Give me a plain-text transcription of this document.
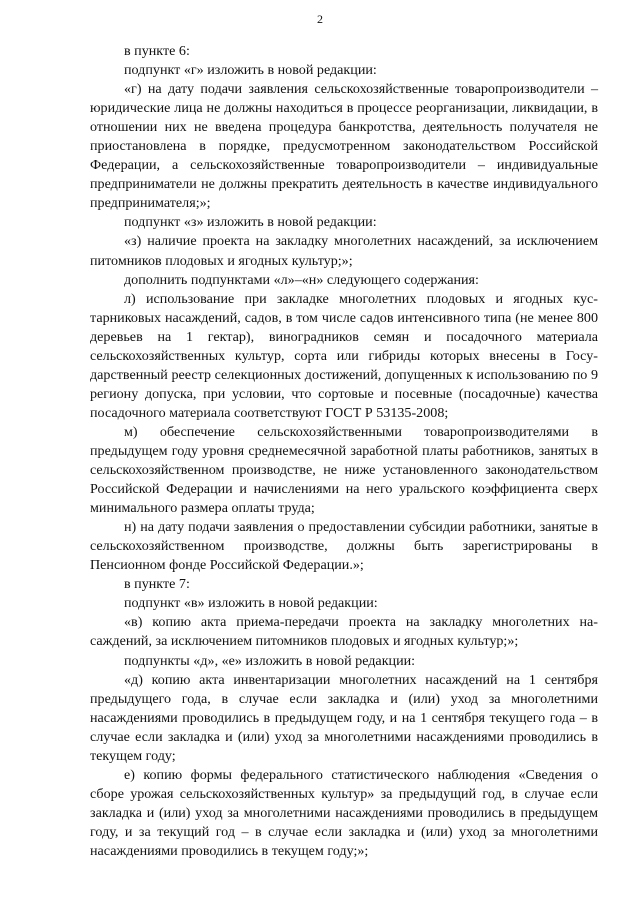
2

в пункте 6:

подпункт «г» изложить в новой редакции:

«г) на дату подачи заявления сельскохозяйственные товаропроизводители – юридические лица не должны находиться в процессе реорганизации, ликвидации, в отношении них не введена процедура банкротства, деятельность получателя не приостановлена в порядке, предусмотренном законодательством Российской Федерации, а сельскохозяйственные товаропроизводители – индивидуальные предприниматели не должны прекратить деятельность в качестве индивидуального предпринимателя;»;

подпункт «з» изложить в новой редакции:

«з) наличие проекта на закладку многолетних насаждений, за исключением питомников плодовых и ягодных культур;»;

дополнить подпунктами «л»–«н» следующего содержания:

л) использование при закладке многолетних плодовых и ягодных кустарниковых насаждений, садов, в том числе садов интенсивного типа (не менее 800 деревьев на 1 гектар), виноградников семян и посадочного материала сельскохозяйственных культур, сорта или гибриды которых внесены в Государственный реестр селекционных достижений, допущенных к использованию по 9 региону допуска, при условии, что сортовые и посевные (посадочные) качества посадочного материала соответствуют ГОСТ Р 53135-2008;

м) обеспечение сельскохозяйственными товаропроизводителями в предыдущем году уровня среднемесячной заработной платы работников, занятых в сельскохозяйственном производстве, не ниже установленного законодательством Российской Федерации и начислениями на него уральского коэффициента сверх минимального размера оплаты труда;

н) на дату подачи заявления о предоставлении субсидии работники, занятые в сельскохозяйственном производстве, должны быть зарегистрированы в Пенсионном фонде Российской Федерации.»;

в пункте 7:

подпункт «в» изложить в новой редакции:

«в) копию акта приема-передачи проекта на закладку многолетних насаждений, за исключением питомников плодовых и ягодных культур;»;

подпункты «д», «е» изложить в новой редакции:

«д) копию акта инвентаризации многолетних насаждений на 1 сентября предыдущего года, в случае если закладка и (или) уход за многолетними насаждениями проводились в предыдущем году, и на 1 сентября текущего года – в случае если закладка и (или) уход за многолетними насаждениями проводились в текущем году;

е) копию формы федерального статистического наблюдения «Сведения о сборе урожая сельскохозяйственных культур» за предыдущий год, в случае если закладка и (или) уход за многолетними насаждениями проводились в предыдущем году, и за текущий год – в случае если закладка и (или) уход за многолетними насаждениями проводились в текущем году;»;
